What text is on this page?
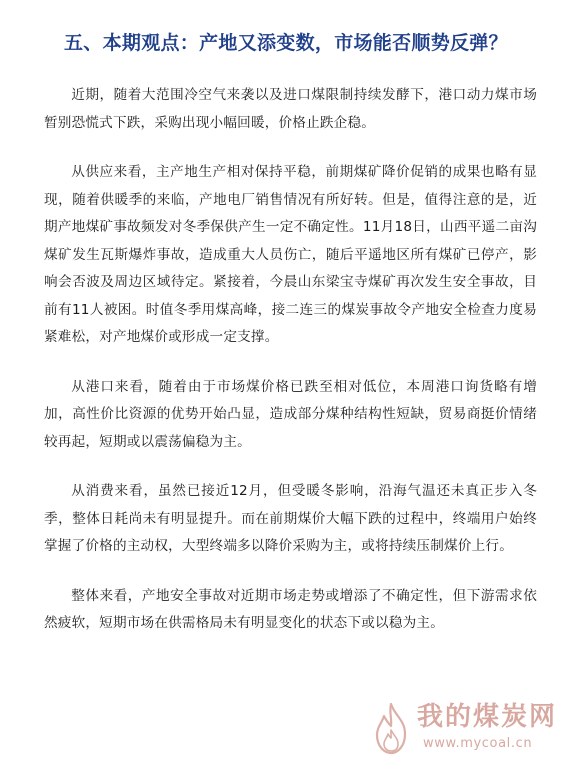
五、本期观点：产地又添变数，市场能否顺势反弹？

近期，随着大范围冷空气来袭以及进口煤限制持续发酵下，港口动力煤市场暂别恐慌式下跌，采购出现小幅回暖，价格止跌企稳。

从供应来看，主产地生产相对保持平稳，前期煤矿降价促销的成果也略有显现，随着供暖季的来临，产地电厂销售情况有所好转。但是，值得注意的是，近期产地煤矿事故频发对冬季保供产生一定不确定性。11月18日，山西平遥二亩沟煤矿发生瓦斯爆炸事故，造成重大人员伤亡，随后平遥地区所有煤矿已停产，影响会否波及周边区域待定。紧接着，今晨山东梁宝寺煤矿再次发生安全事故，目前有11人被困。时值冬季用煤高峰，接二连三的煤炭事故令产地安全检查力度易紧难松，对产地煤价或形成一定支撑。

从港口来看，随着由于市场煤价格已跌至相对低位，本周港口询货略有增加，高性价比资源的优势开始凸显，造成部分煤种结构性短缺，贸易商挺价情绪较再起，短期或以震荡偏稳为主。

从消费来看，虽然已接近12月，但受暖冬影响，沿海气温还未真正步入冬季，整体日耗尚未有明显提升。而在前期煤价大幅下跌的过程中，终端用户始终掌握了价格的主动权，大型终端多以降价采购为主，或将持续压制煤价上行。

整体来看，产地安全事故对近期市场走势或增添了不确定性，但下游需求依然疲软，短期市场在供需格局未有明显变化的状态下或以稳为主。

我的煤炭网
www.mycoal.cn
